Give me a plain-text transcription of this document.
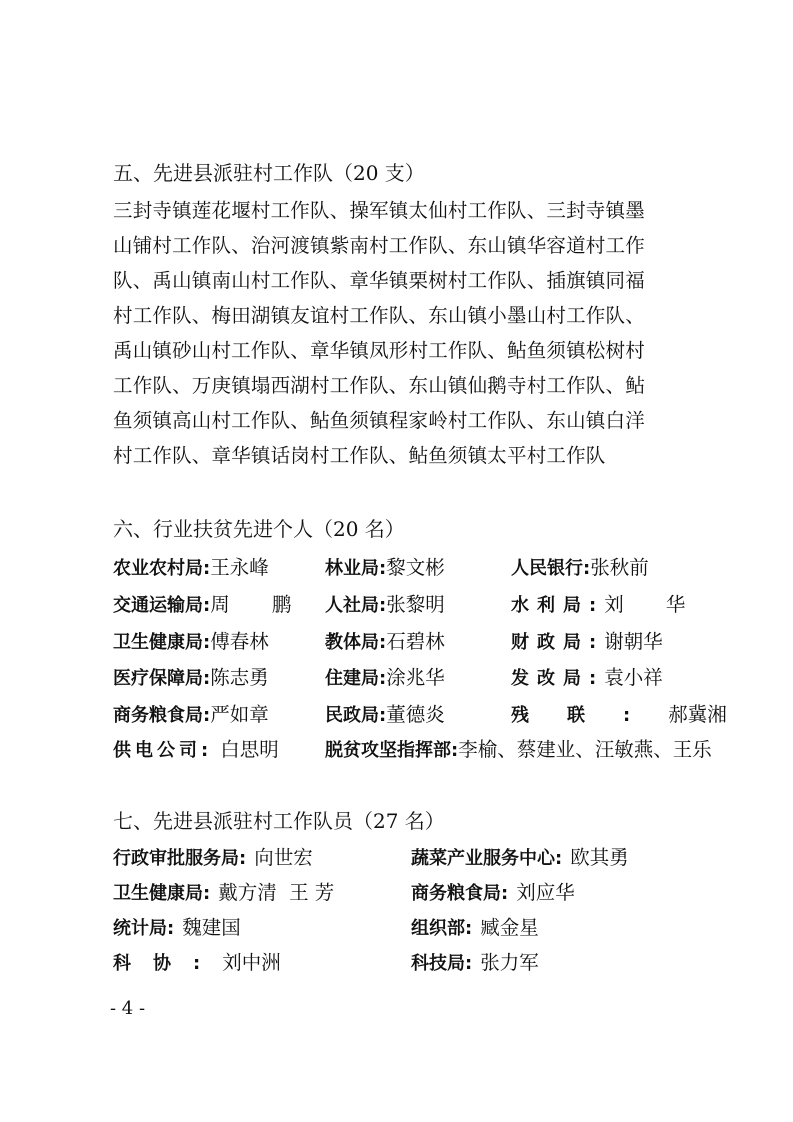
五、先进县派驻村工作队（20 支）
三封寺镇莲花堰村工作队、操军镇太仙村工作队、三封寺镇墨
山铺村工作队、治河渡镇紫南村工作队、东山镇华容道村工作
队、禹山镇南山村工作队、章华镇栗树村工作队、插旗镇同福
村工作队、梅田湖镇友谊村工作队、东山镇小墨山村工作队、
禹山镇砂山村工作队、章华镇凤形村工作队、鲇鱼须镇松树村
工作队、万庚镇塌西湖村工作队、东山镇仙鹅寺村工作队、鲇
鱼须镇高山村工作队、鲇鱼须镇程家岭村工作队、东山镇白洋
村工作队、章华镇话岗村工作队、鲇鱼须镇太平村工作队
六、行业扶贫先进个人（20 名）
农业农村局:王永峰	林业局:黎文彬	人民银行:张秋前
交通运输局:周 鹏 人社局:张黎明	水利局:刘 华
卫生健康局:傅春林	教体局:石碧林	财政局:谢朝华
医疗保障局:陈志勇	住建局:涂兆华	发改局:袁小祥
商务粮食局:严如章	民政局:董德炎	残联:郝冀湘
供电公司: 白思明	脱贫攻坚指挥部:李榆、蔡建业、汪敏燕、王乐
七、先进县派驻村工作队员（27 名）
行政审批服务局: 向世宏	蔬菜产业服务中心: 欧其勇
卫生健康局: 戴方清  王 芳	商务粮食局: 刘应华
统计局: 魏建国	组织部: 臧金星
科协:刘中洲	科技局: 张力军
- 4 -
